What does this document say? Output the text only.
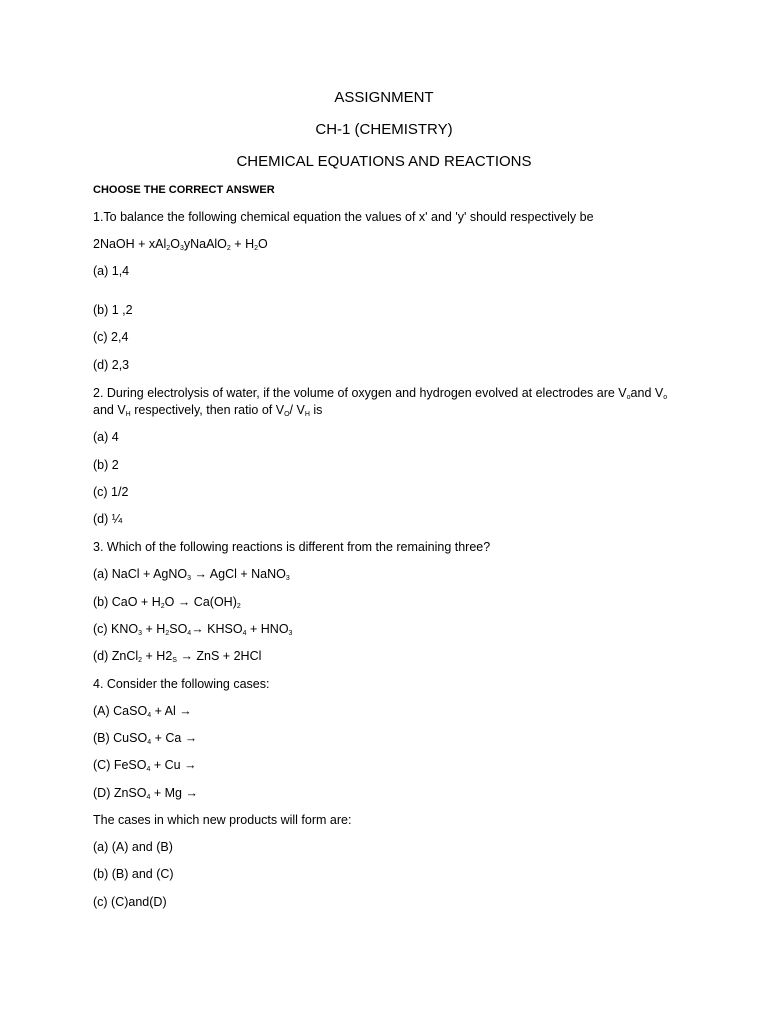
ASSIGNMENT
CH-1 (CHEMISTRY)
CHEMICAL EQUATIONS AND REACTIONS
CHOOSE THE CORRECT ANSWER
1.To balance the following chemical equation the values of x' and 'y' should respectively be
2NaOH + $xAl_2O_3yNaAlO_2 + H_2O$
(a) 1,4
(b) 1 ,2
(c) 2,4
(d) 2,3
2. During electrolysis of water, if the volume of oxygen and hydrogen evolved at electrodes are $V_oand$ $V_o$ and $V_H$ respectively, then ratio of $V_O/$ $V_H$ is
(a) 4
(b) 2
(c) 1/2
(d) ¼
3. Which of the following reactions is different from the remaining three?
(a) NaCl + AgNO$_3$ → AgCl + NaNO$_3$
(b) CaO + $H_2O \to Ca(OH)_2$
(c) $KNO_3 + H_2SO_4\to$ $KHSO_4 + HNO_3$
(d) ZnCl$_2$ + $H2_S$ → ZnS + 2HCl
4. Consider the following cases:
(A) CaSO$_4$ + Al →
(B) CuSO$_4$ + Ca →
(C) FeSO$_4$ + Cu →
(D) ZnSO$_4$ + Mg →
The cases in which new products will form are:
(a) (A) and (B)
(b) (B) and (C)
(c) (C)and(D)
